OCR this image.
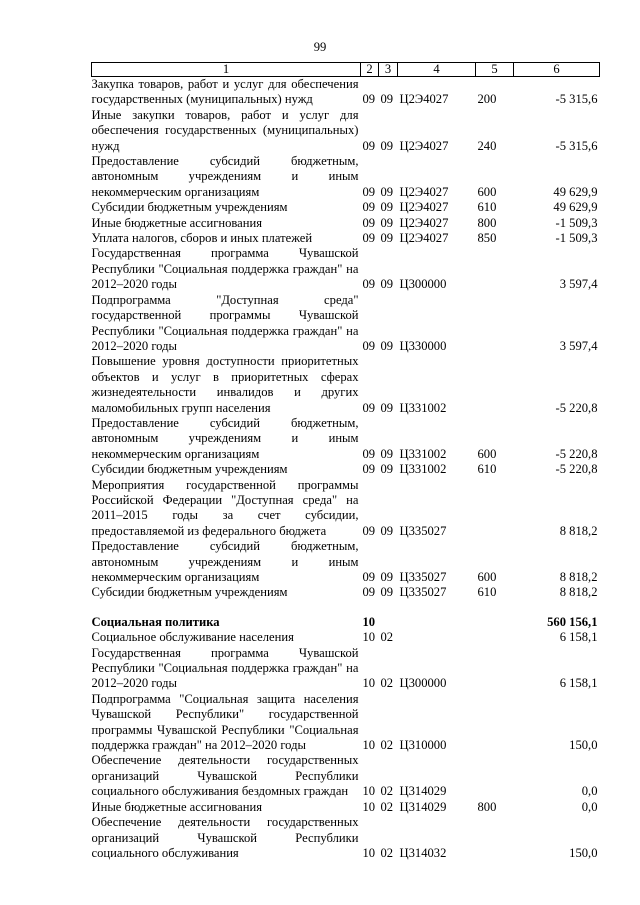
99
1	2	3	4	5	6
Закупка товаров, работ и услуг для обеспечения государственных (муниципальных) нужд	09	09	Ц2Э4027	200	-5 315,6
Иные закупки товаров, работ и услуг для обеспечения государственных (муниципальных) нужд	09	09	Ц2Э4027	240	-5 315,6
Предоставление субсидий бюджетным, автономным учреждениям и иным некоммерческим организациям	09	09	Ц2Э4027	600	49 629,9
Субсидии бюджетным учреждениям	09	09	Ц2Э4027	610	49 629,9
Иные бюджетные ассигнования	09	09	Ц2Э4027	800	-1 509,3
Уплата налогов, сборов и иных платежей	09	09	Ц2Э4027	850	-1 509,3
Государственная программа Чувашской Республики "Социальная поддержка граждан" на 2012–2020 годы	09	09	Ц300000		3 597,4
Подпрограмма "Доступная среда" государственной программы Чувашской Республики "Социальная поддержка граждан" на 2012–2020 годы	09	09	Ц330000		3 597,4
Повышение уровня доступности приоритетных объектов и услуг в приоритетных сферах жизнедеятельности инвалидов и других маломобильных групп населения	09	09	Ц331002		-5 220,8
Предоставление субсидий бюджетным, автономным учреждениям и иным некоммерческим организациям	09	09	Ц331002	600	-5 220,8
Субсидии бюджетным учреждениям	09	09	Ц331002	610	-5 220,8
Мероприятия государственной программы Российской Федерации "Доступная среда" на 2011–2015 годы за счет субсидии, предоставляемой из федерального бюджета	09	09	Ц335027		8 818,2
Предоставление субсидий бюджетным, автономным учреждениям и иным некоммерческим организациям	09	09	Ц335027	600	8 818,2
Субсидии бюджетным учреждениям	09	09	Ц335027	610	8 818,2

Социальная политика	10				560 156,1
Социальное обслуживание населения	10	02			6 158,1
Государственная программа Чувашской Республики "Социальная поддержка граждан" на 2012–2020 годы	10	02	Ц300000		6 158,1
Подпрограмма "Социальная защита населения Чувашской Республики" государственной программы Чувашской Республики "Социальная поддержка граждан" на 2012–2020 годы	10	02	Ц310000		150,0
Обеспечение деятельности государственных организаций Чувашской Республики социального обслуживания бездомных граждан	10	02	Ц314029		0,0
Иные бюджетные ассигнования	10	02	Ц314029	800	0,0
Обеспечение деятельности государственных организаций Чувашской Республики социального обслуживания	10	02	Ц314032		150,0
